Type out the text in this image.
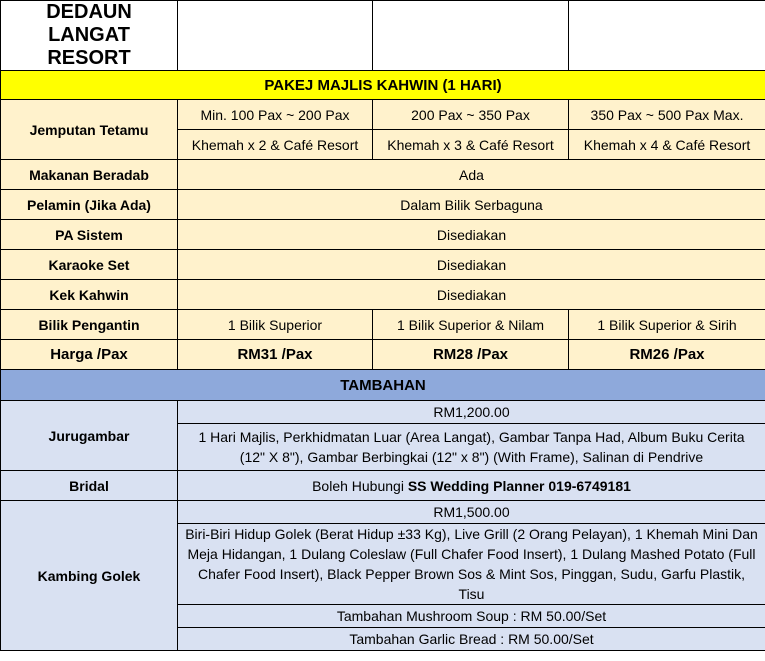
DEDAUN LANGAT RESORT			
PAKEJ MAJLIS KAHWIN (1 HARI)			
Jemputan Tetamu	Min. 100 Pax ~ 200 Pax	200 Pax ~ 350 Pax	350 Pax ~ 500 Pax Max.
	Khemah x 2 & Café Resort	Khemah x 3 & Café Resort	Khemah x 4 & Café Resort
Makanan Beradab	Ada		
Pelamin (Jika Ada)	Dalam Bilik Serbaguna		
PA Sistem	Disediakan		
Karaoke Set	Disediakan		
Kek Kahwin	Disediakan		
Bilik Pengantin	1 Bilik Superior	1 Bilik Superior & Nilam	1 Bilik Superior & Sirih
Harga /Pax	RM31 /Pax	RM28 /Pax	RM26 /Pax
TAMBAHAN			
Jurugambar	RM1,200.00		
	1 Hari Majlis, Perkhidmatan Luar (Area Langat), Gambar Tanpa Had, Album Buku Cerita (12" X 8"), Gambar Berbingkai (12" x 8") (With Frame), Salinan di Pendrive		
Bridal	Boleh Hubungi SS Wedding Planner 019-6749181		
Kambing Golek	RM1,500.00		
	Biri-Biri Hidup Golek (Berat Hidup ±33 Kg), Live Grill (2 Orang Pelayan), 1 Khemah Mini Dan Meja Hidangan, 1 Dulang Coleslaw (Full Chafer Food Insert), 1 Dulang Mashed Potato (Full Chafer Food Insert), Black Pepper Brown Sos & Mint Sos, Pinggan, Sudu, Garfu Plastik, Tisu		
	Tambahan Mushroom Soup : RM 50.00/Set		
	Tambahan Garlic Bread : RM 50.00/Set		
